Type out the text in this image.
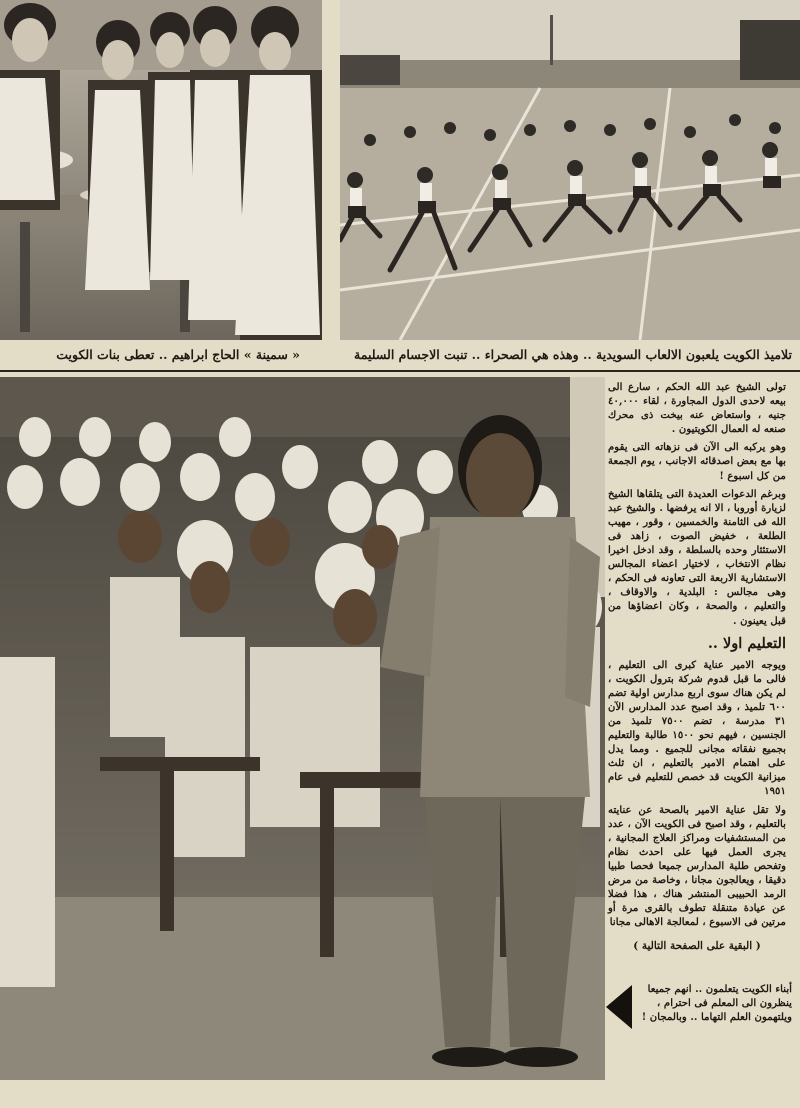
تلاميذ الكويت يلعبون الالعاب السويدية .. وهذه هي الصحراء .. تنبت الاجسام السليمة
« سمينة » الحاج ابراهيم .. تعطى بنات الكويت

تولى الشيخ عبد الله الحكم ، سارع الى بيعه لاحدى الدول المجاورة ، لقاء ٤٠,٠٠٠ جنيه ، واستعاض عنه بيخت ذى محرك صنعه له العمال الكويتيون .

وهو يركبه الى الآن فى نزهاته التى يقوم بها مع بعض اصدقائه الاجانب ، يوم الجمعة من كل اسبوع !

وبرغم الدعوات العديدة التى يتلقاها الشيخ لزيارة أوروبا ، الا انه يرفضها . والشيخ عبد الله فى الثامنة والخمسين ، وقور ، مهيب الطلعة ، خفيض الصوت ، زاهد فى الاستئثار وحده بالسلطة ، وقد ادخل اخيرا نظام الانتخاب ، لاختيار اعضاء المجالس الاستشارية الاربعة التى تعاونه فى الحكم ، وهى مجالس : البلدية ، والاوقاف ، والتعليم ، والصحة ، وكان اعضاؤها من قبل يعينون .

التعليم اولا ..

ويوجه الامير عناية كبرى الى التعليم ، فالى ما قبل قدوم شركة بترول الكويت ، لم يكن هناك سوى اربع مدارس اولية تضم ٦٠٠ تلميذ ، وقد اصبح عدد المدارس الآن ٣١ مدرسة ، تضم ٧٥٠٠ تلميذ من الجنسين ، فيهم نحو ١٥٠٠ طالبة والتعليم بجميع نفقاته مجانى للجميع . ومما يدل على اهتمام الامير بالتعليم ، ان ثلث ميزانية الكويت قد خصص للتعليم فى عام ١٩٥١

ولا تقل عناية الامير بالصحة عن عنايته بالتعليم ، وقد اصبح فى الكويت الآن ، عدد من المستشفيات ومراكز العلاج المجانية ، يجرى العمل فيها على احدث نظام وتفحص طلبة المدارس جميعا فحصا طبيا دقيقا ، ويعالجون مجانا ، وخاصة من مرض الرمد الحبيبى المنتشر هناك ، هذا فضلا عن عيادة متنقلة تطوف بالقرى مرة أو مرتين فى الاسبوع ، لمعالجة الاهالى مجانا

( البقية على الصفحة التالية )
أبناء الكويت يتعلمون .. انهم جميعا ينظرون الى المعلم فى احترام ، ويلتهمون العلم التهاما .. وبالمجان !
